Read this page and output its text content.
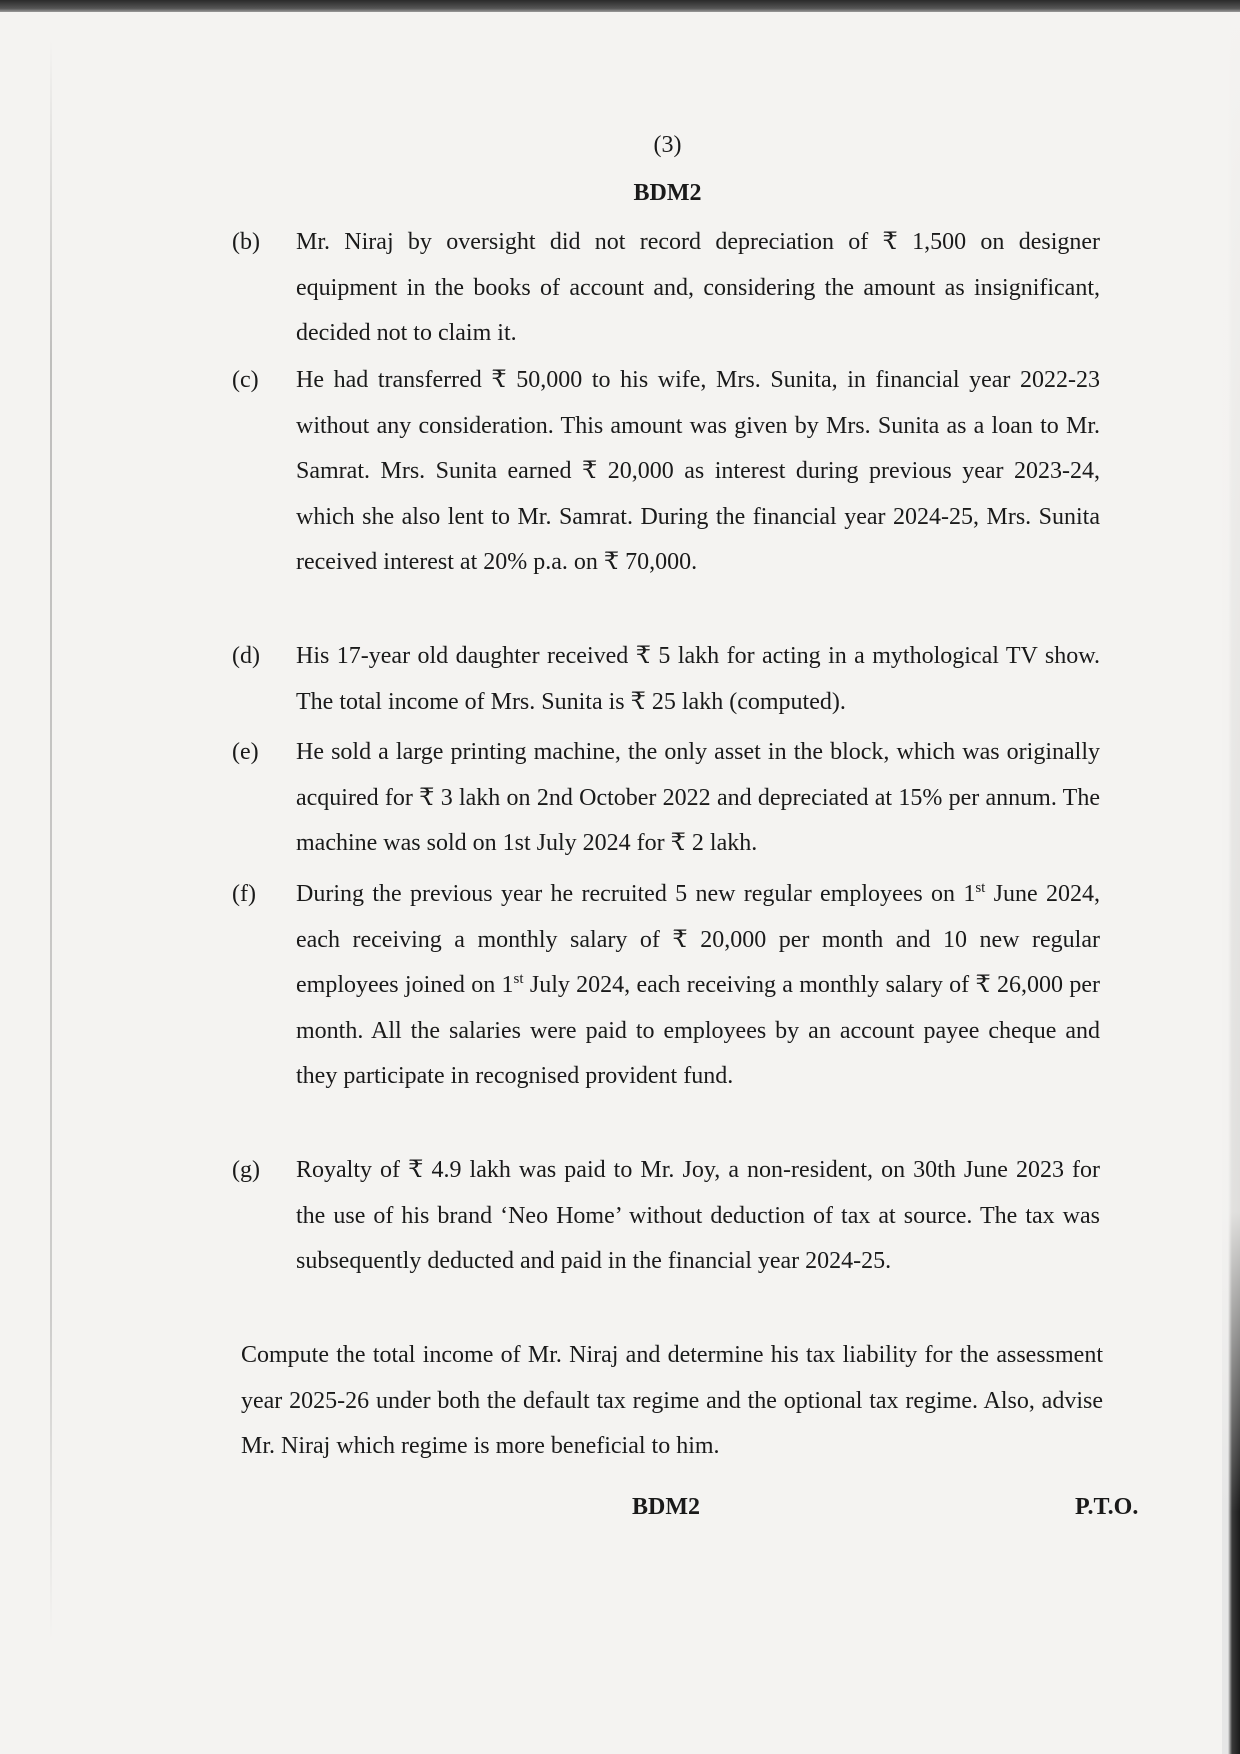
(3)
BDM2
(b) Mr. Niraj by oversight did not record depreciation of ₹ 1,500 on designer equipment in the books of account and, considering the amount as insignificant, decided not to claim it.
(c) He had transferred ₹ 50,000 to his wife, Mrs. Sunita, in financial year 2022-23 without any consideration. This amount was given by Mrs. Sunita as a loan to Mr. Samrat. Mrs. Sunita earned ₹ 20,000 as interest during previous year 2023-24, which she also lent to Mr. Samrat. During the financial year 2024-25, Mrs. Sunita received interest at 20% p.a. on ₹ 70,000.
(d) His 17-year old daughter received ₹ 5 lakh for acting in a mythological TV show. The total income of Mrs. Sunita is ₹ 25 lakh (computed).
(e) He sold a large printing machine, the only asset in the block, which was originally acquired for ₹ 3 lakh on 2nd October 2022 and depreciated at 15% per annum. The machine was sold on 1st July 2024 for ₹ 2 lakh.
(f) During the previous year he recruited 5 new regular employees on 1st June 2024, each receiving a monthly salary of ₹ 20,000 per month and 10 new regular employees joined on 1st July 2024, each receiving a monthly salary of ₹ 26,000 per month. All the salaries were paid to employees by an account payee cheque and they participate in recognised provident fund.
(g) Royalty of ₹ 4.9 lakh was paid to Mr. Joy, a non-resident, on 30th June 2023 for the use of his brand ‘Neo Home’ without deduction of tax at source. The tax was subsequently deducted and paid in the financial year 2024-25.
Compute the total income of Mr. Niraj and determine his tax liability for the assessment year 2025-26 under both the default tax regime and the optional tax regime. Also, advise Mr. Niraj which regime is more beneficial to him.
BDM2	P.T.O.
